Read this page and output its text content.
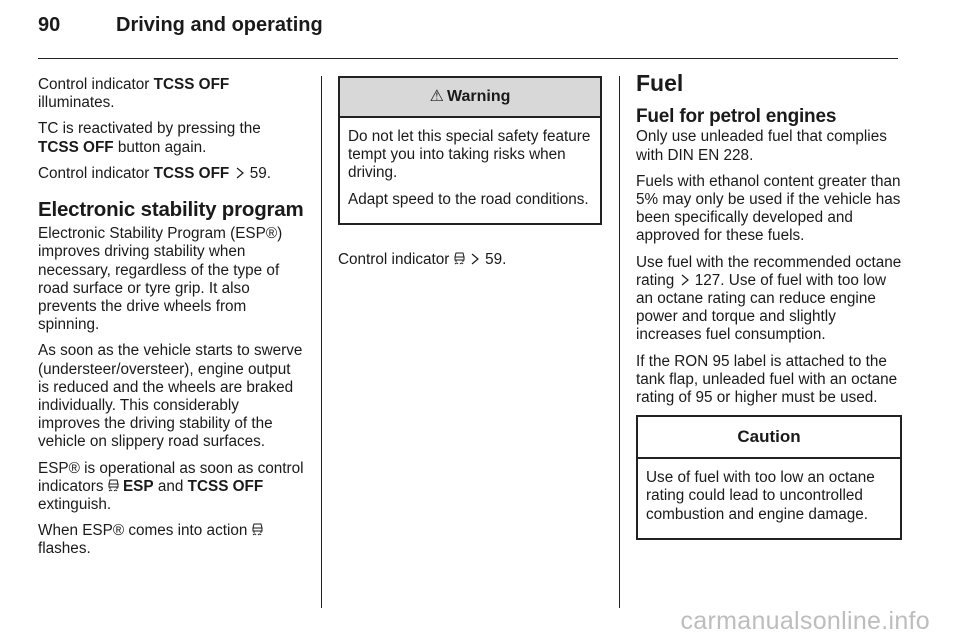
90	Driving and operating

Control indicator TCSS OFF illuminates.

TC is reactivated by pressing the TCSS OFF button again.

Control indicator TCSS OFF  59.

Electronic stability program

Electronic Stability Program (ESP®) improves driving stability when necessary, regardless of the type of road surface or tyre grip. It also prevents the drive wheels from spinning.

As soon as the vehicle starts to swerve (understeer/oversteer), engine output is reduced and the wheels are braked individually. This considerably improves the driving stability of the vehicle on slippery road surfaces.

ESP® is operational as soon as control indicators  ESP and TCSS OFF extinguish.

When ESP® comes into action
flashes.

⚠ Warning

Do not let this special safety feature tempt you into taking risks when driving.

Adapt speed to the road conditions.

Control indicator   59.

Fuel
Fuel for petrol engines

Only use unleaded fuel that complies with DIN EN 228.

Fuels with ethanol content greater than 5% may only be used if the vehicle has been specifically developed and approved for these fuels.

Use fuel with the recommended octane rating  127. Use of fuel with too low an octane rating can reduce engine power and torque and slightly increases fuel consumption.

If the RON 95 label is attached to the tank flap, unleaded fuel with an octane rating of 95 or higher must be used.

Caution

Use of fuel with too low an octane rating could lead to uncontrolled combustion and engine damage.

carmanualsonline.info
